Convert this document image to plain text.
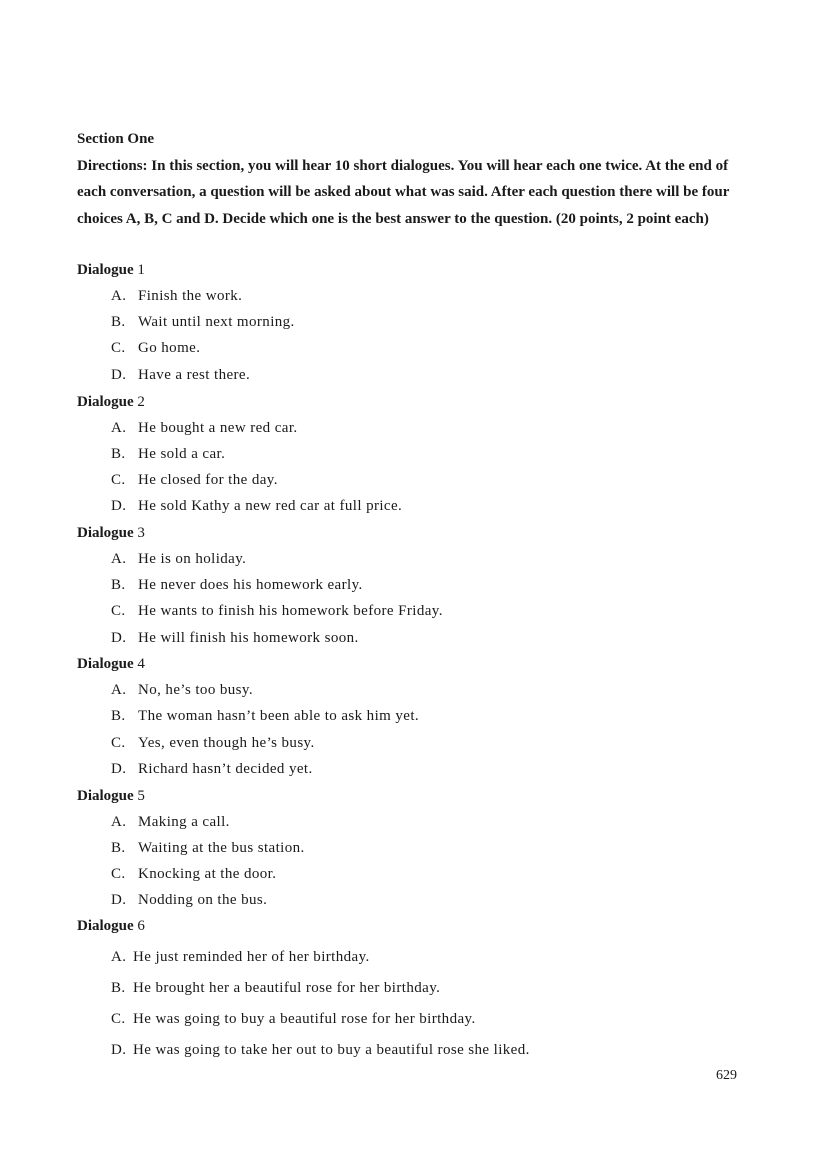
Section One
Directions: In this section, you will hear 10 short dialogues. You will hear each one twice. At the end of each conversation, a question will be asked about what was said. After each question there will be four choices A, B, C and D. Decide which one is the best answer to the question. (20 points, 2 point each)
Dialogue 1
A. Finish the work.
B. Wait until next morning.
C. Go home.
D. Have a rest there.
Dialogue 2
A. He bought a new red car.
B. He sold a car.
C. He closed for the day.
D. He sold Kathy a new red car at full price.
Dialogue 3
A. He is on holiday.
B. He never does his homework early.
C. He wants to finish his homework before Friday.
D. He will finish his homework soon.
Dialogue 4
A. No, he’s too busy.
B. The woman hasn’t been able to ask him yet.
C. Yes, even though he’s busy.
D. Richard hasn’t decided yet.
Dialogue 5
A. Making a call.
B. Waiting at the bus station.
C. Knocking at the door.
D. Nodding on the bus.
Dialogue 6
A. He just reminded her of her birthday.
B. He brought her a beautiful rose for her birthday.
C. He was going to buy a beautiful rose for her birthday.
D. He was going to take her out to buy a beautiful rose she liked.
629
